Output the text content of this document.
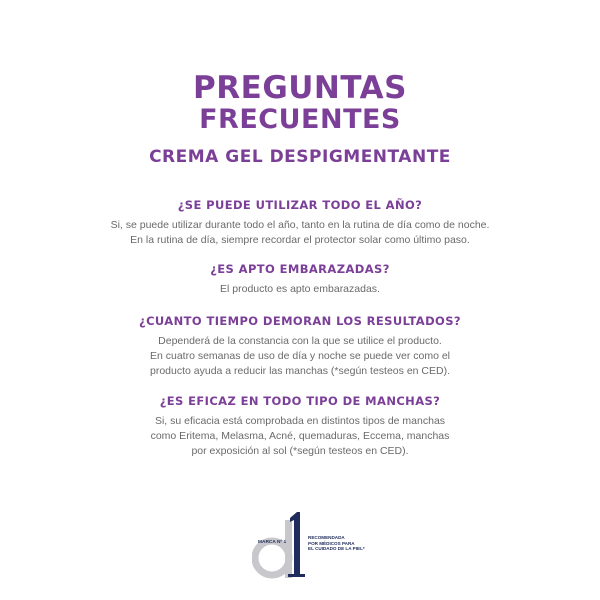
PREGUNTAS
FRECUENTES
CREMA GEL DESPIGMENTANTE

¿SE PUEDE UTILIZAR TODO EL AÑO?

Si, se puede utilizar durante todo el año, tanto en la rutina de día como de noche.
En la rutina de día, siempre recordar el protector solar como último paso.

¿ES APTO EMBARAZADAS?

El producto es apto embarazadas.

¿CUANTO TIEMPO DEMORAN LOS RESULTADOS?

Dependerá de la constancia con la que se utilice el producto.
En cuatro semanas de uso de día y noche se puede ver como el
producto ayuda a reducir las manchas (*según testeos en CED).

¿ES EFICAZ EN TODO TIPO DE MANCHAS?

Si, su eficacia está comprobada en distintos tipos de manchas
como Eritema, Melasma, Acné, quemaduras, Eccema, manchas
por exposición al sol (*según testeos en CED).

MARCA Nº 1
RECOMENDADA
POR MÉDICOS PARA
EL CUIDADO DE LA PIEL*
